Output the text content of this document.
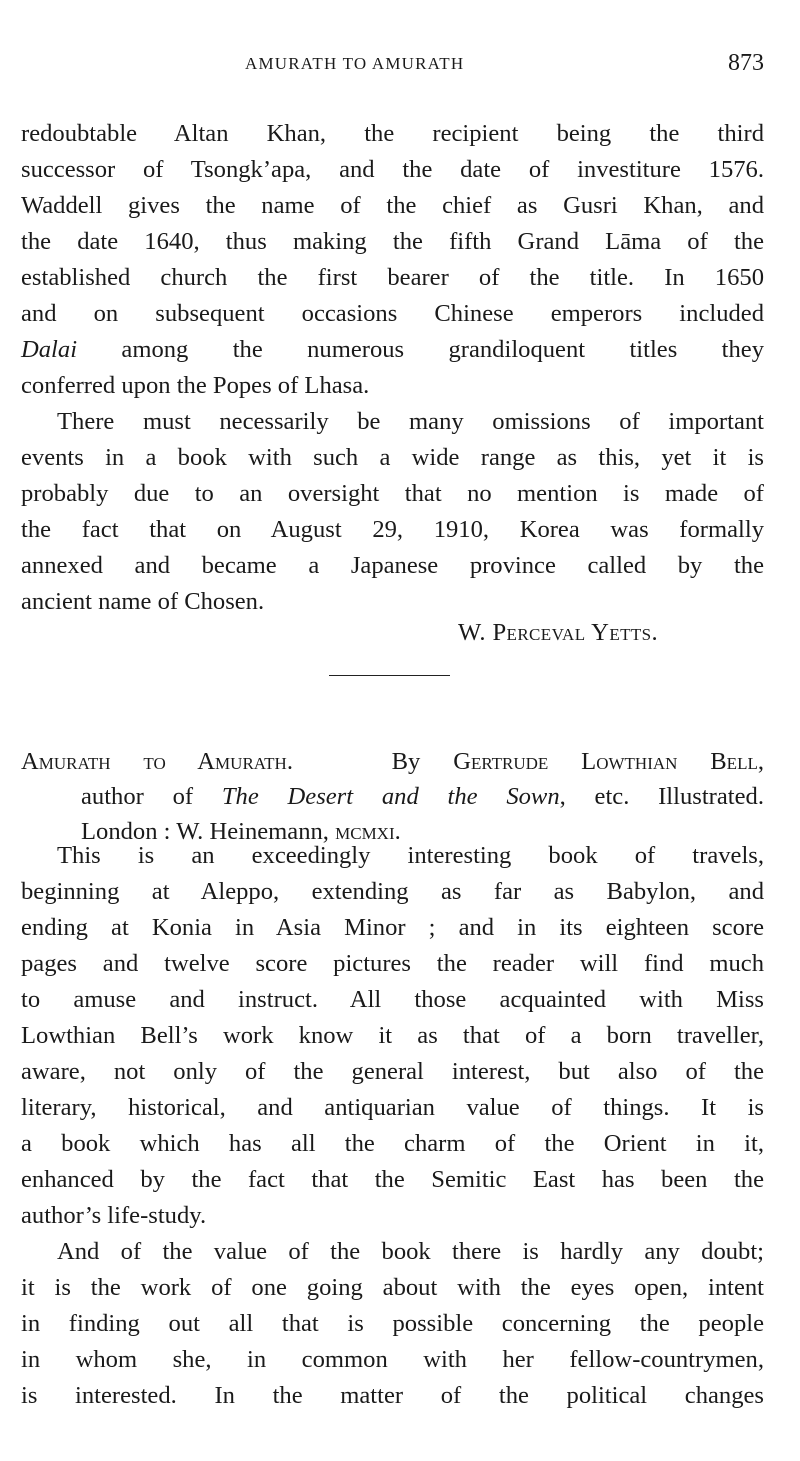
AMURATH TO AMURATH	873
redoubtable Altan Khan, the recipient being the third
successor of Tsongk’apa, and the date of investiture 1576.
Waddell gives the name of the chief as Gusri Khan, and
the date 1640, thus making the fifth Grand Lāma of the
established church the first bearer of the title. In 1650
and on subsequent occasions Chinese emperors included
Dalai among the numerous grandiloquent titles they
conferred upon the Popes of Lhasa.
There must necessarily be many omissions of important
events in a book with such a wide range as this, yet it is
probably due to an oversight that no mention is made of
the fact that on August 29, 1910, Korea was formally
annexed and became a Japanese province called by the
ancient name of Chosen.
W. Perceval Yetts.
Amurath to Amurath.	By Gertrude Lowthian Bell,
author of The Desert and the Sown, etc. Illustrated.
London : W. Heinemann, mcmxi.
This is an exceedingly interesting book of travels,
beginning at Aleppo, extending as far as Babylon, and
ending at Konia in Asia Minor ; and in its eighteen score
pages and twelve score pictures the reader will find much
to amuse and instruct. All those acquainted with Miss
Lowthian Bell’s work know it as that of a born traveller,
aware, not only of the general interest, but also of the
literary, historical, and antiquarian value of things. It is
a book which has all the charm of the Orient in it,
enhanced by the fact that the Semitic East has been the
author’s life-study.
And of the value of the book there is hardly any doubt;
it is the work of one going about with the eyes open, intent
in finding out all that is possible concerning the people
in whom she, in common with her fellow-countrymen,
is interested. In the matter of the political changes
